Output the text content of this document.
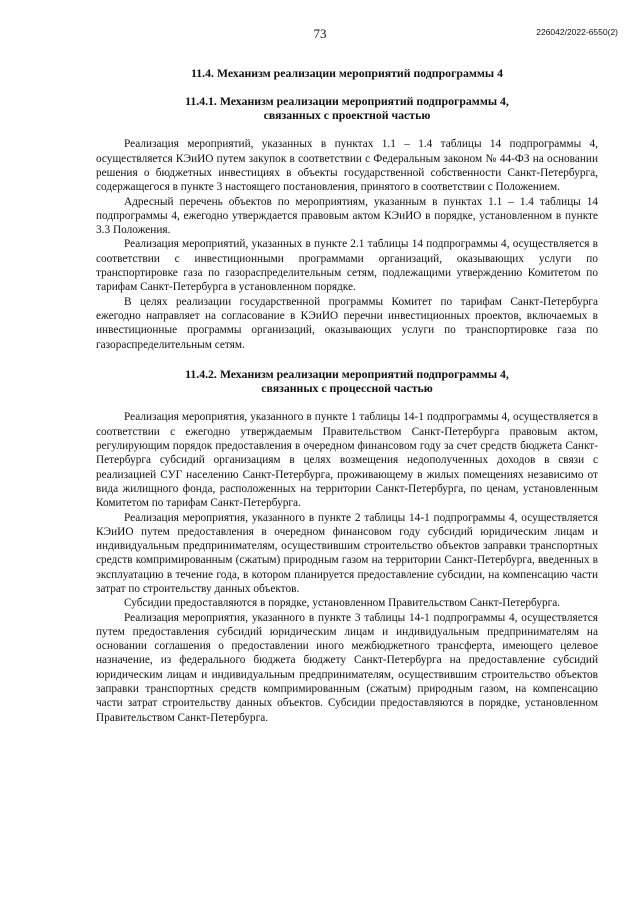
73	226042/2022-6550(2)
11.4. Механизм реализации мероприятий подпрограммы 4
11.4.1. Механизм реализации мероприятий подпрограммы 4,
связанных с проектной частью

Реализация мероприятий, указанных в пунктах 1.1 – 1.4 таблицы 14 подпрограммы 4, осуществляется КЭиИО путем закупок в соответствии с Федеральным законом № 44-ФЗ на основании решения о бюджетных инвестициях в объекты государственной собственности Санкт-Петербурга, содержащегося в пункте 3 настоящего постановления, принятого в соответствии с Положением.

Адресный перечень объектов по мероприятиям, указанным в пунктах 1.1 – 1.4 таблицы 14 подпрограммы 4, ежегодно утверждается правовым актом КЭиИО в порядке, установленном в пункте 3.3 Положения.

Реализация мероприятий, указанных в пункте 2.1 таблицы 14 подпрограммы 4, осуществляется в соответствии с инвестиционными программами организаций, оказывающих услуги по транспортировке газа по газораспределительным сетям, подлежащими утверждению Комитетом по тарифам Санкт-Петербурга в установленном порядке.

В целях реализации государственной программы Комитет по тарифам Санкт-Петербурга ежегодно направляет на согласование в КЭиИО перечни инвестиционных проектов, включаемых в инвестиционные программы организаций, оказывающих услуги по транспортировке газа по газораспределительным сетям.

11.4.2. Механизм реализации мероприятий подпрограммы 4,
связанных с процессной частью

Реализация мероприятия, указанного в пункте 1 таблицы 14-1 подпрограммы 4, осуществляется в соответствии с ежегодно утверждаемым Правительством Санкт-Петербурга правовым актом, регулирующим порядок предоставления в очередном финансовом году за счет средств бюджета Санкт-Петербурга субсидий организациям в целях возмещения недополученных доходов в связи с реализацией СУГ населению Санкт-Петербурга, проживающему в жилых помещениях независимо от вида жилищного фонда, расположенных на территории Санкт-Петербурга, по ценам, установленным Комитетом по тарифам Санкт-Петербурга.

Реализация мероприятия, указанного в пункте 2 таблицы 14-1 подпрограммы 4, осуществляется КЭиИО путем предоставления в очередном финансовом году субсидий юридическим лицам и индивидуальным предпринимателям, осуществившим строительство объектов заправки транспортных средств компримированным (сжатым) природным газом на территории Санкт-Петербурга, введенных в эксплуатацию в течение года, в котором планируется предоставление субсидии, на компенсацию части затрат по строительству данных объектов.

Субсидии предоставляются в порядке, установленном Правительством Санкт-Петербурга.

Реализация мероприятия, указанного в пункте 3 таблицы 14-1 подпрограммы 4, осуществляется путем предоставления субсидий юридическим лицам и индивидуальным предпринимателям на основании соглашения о предоставлении иного межбюджетного трансферта, имеющего целевое назначение, из федерального бюджета бюджету Санкт-Петербурга на предоставление субсидий юридическим лицам и индивидуальным предпринимателям, осуществившим строительство объектов заправки транспортных средств компримированным (сжатым) природным газом, на компенсацию части затрат строительству данных объектов. Субсидии предоставляются в порядке, установленном Правительством Санкт-Петербурга.
